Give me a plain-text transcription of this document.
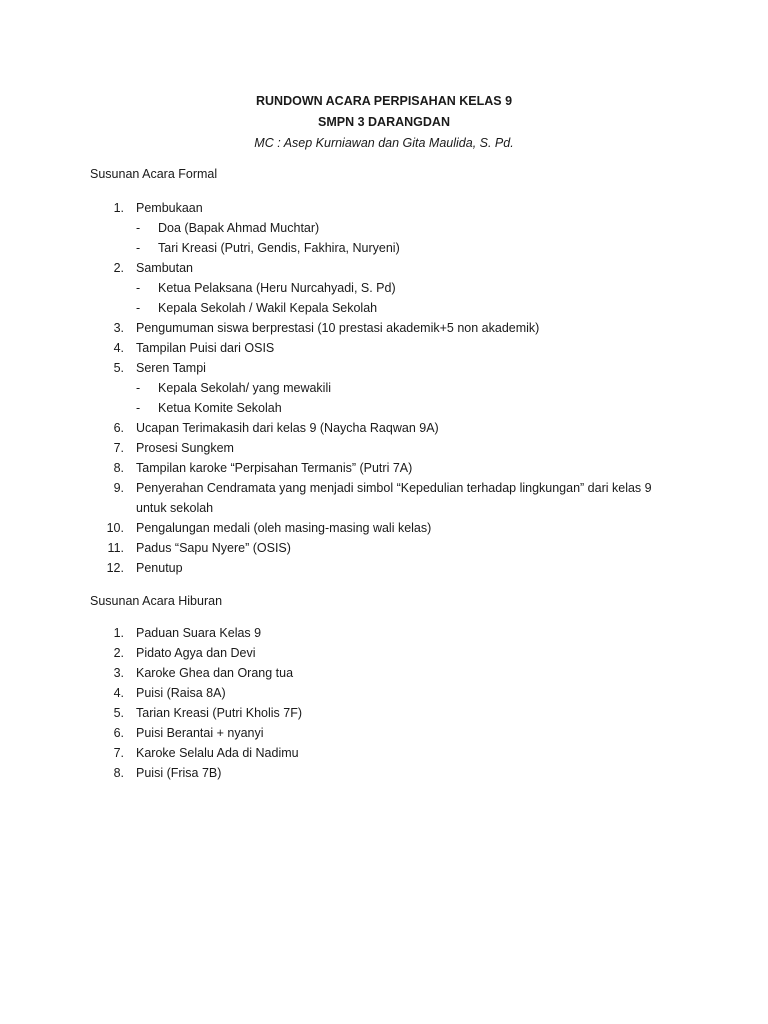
RUNDOWN ACARA PERPISAHAN KELAS 9
SMPN 3 DARANGDAN
MC : Asep Kurniawan dan Gita Maulida, S. Pd.
Susunan Acara Formal
1. Pembukaan
- Doa (Bapak Ahmad Muchtar)
- Tari Kreasi (Putri, Gendis, Fakhira, Nuryeni)
2. Sambutan
- Ketua Pelaksana (Heru Nurcahyadi, S. Pd)
- Kepala Sekolah / Wakil Kepala Sekolah
3. Pengumuman siswa berprestasi (10 prestasi akademik+5 non akademik)
4. Tampilan Puisi dari OSIS
5. Seren Tampi
- Kepala Sekolah/ yang mewakili
- Ketua Komite Sekolah
6. Ucapan Terimakasih dari kelas 9 (Naycha Raqwan 9A)
7. Prosesi Sungkem
8. Tampilan karoke “Perpisahan Termanis” (Putri 7A)
9. Penyerahan Cendramata yang menjadi simbol “Kepedulian terhadap lingkungan” dari kelas 9 untuk sekolah
10. Pengalungan medali (oleh masing-masing wali kelas)
11. Padus “Sapu Nyere” (OSIS)
12. Penutup
Susunan Acara Hiburan
1. Paduan Suara Kelas 9
2. Pidato Agya dan Devi
3. Karoke Ghea dan Orang tua
4. Puisi (Raisa 8A)
5. Tarian Kreasi (Putri Kholis 7F)
6. Puisi Berantai + nyanyi
7. Karoke Selalu Ada di Nadimu
8. Puisi (Frisa 7B)
